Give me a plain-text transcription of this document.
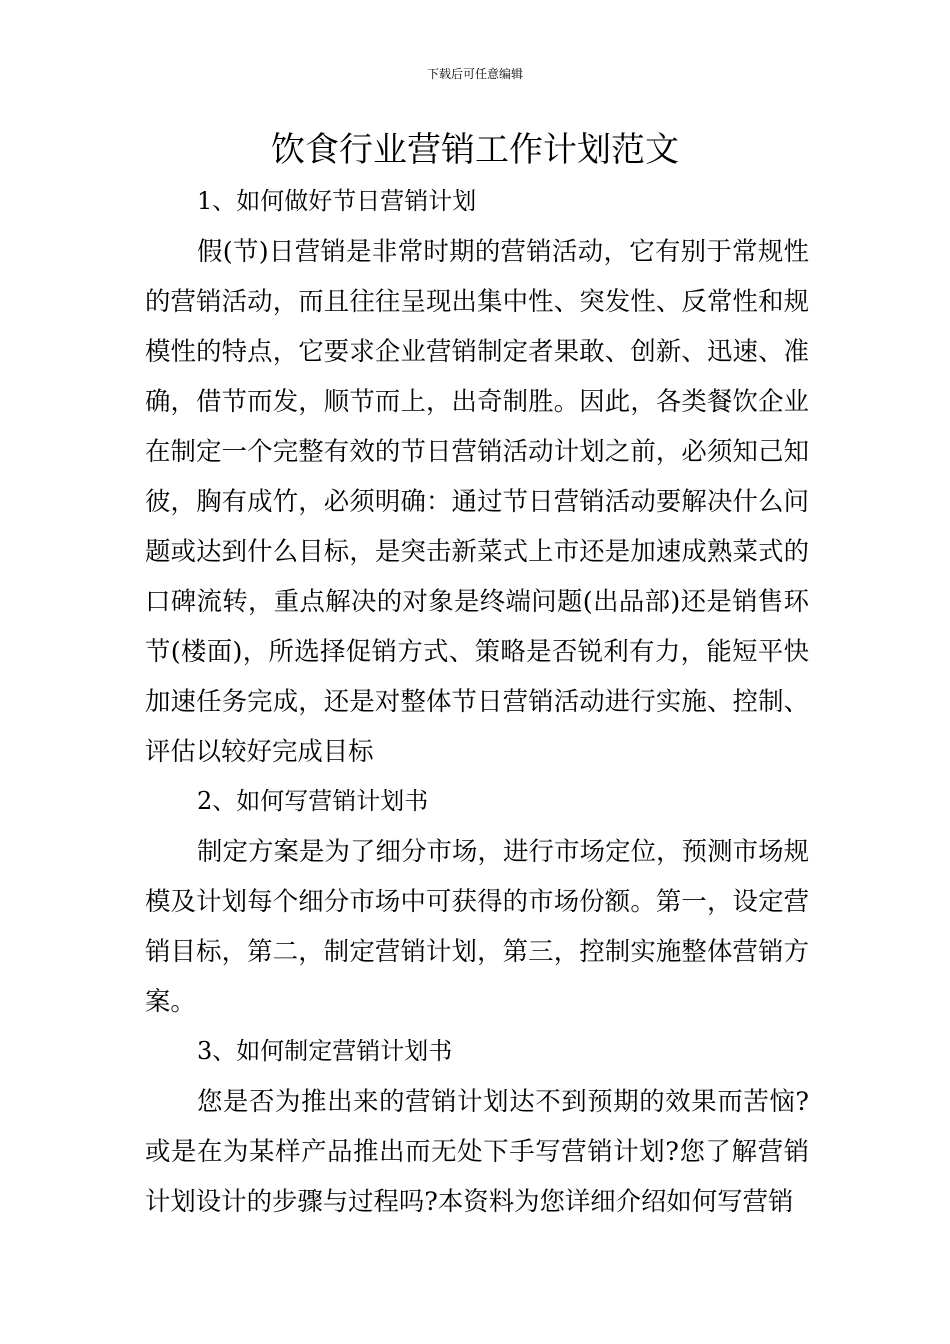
下载后可任意编辑
饮食行业营销工作计划范文

1、如何做好节日营销计划

假(节)日营销是非常时期的营销活动，它有别于常规性的营销活动，而且往往呈现出集中性、突发性、反常性和规模性的特点，它要求企业营销制定者果敢、创新、迅速、准确，借节而发，顺节而上，出奇制胜。因此，各类餐饮企业在制定一个完整有效的节日营销活动计划之前，必须知己知彼，胸有成竹，必须明确：通过节日营销活动要解决什么问题或达到什么目标，是突击新菜式上市还是加速成熟菜式的口碑流转，重点解决的对象是终端问题(出品部)还是销售环节(楼面)，所选择促销方式、策略是否锐利有力，能短平快加速任务完成，还是对整体节日营销活动进行实施、控制、评估以较好完成目标

2、如何写营销计划书

制定方案是为了细分市场，进行市场定位，预测市场规模及计划每个细分市场中可获得的市场份额。第一，设定营销目标，第二，制定营销计划，第三，控制实施整体营销方案。

3、如何制定营销计划书

您是否为推出来的营销计划达不到预期的效果而苦恼?或是在为某样产品推出而无处下手写营销计划?您了解营销计划设计的步骤与过程吗?本资料为您详细介绍如何写营销
